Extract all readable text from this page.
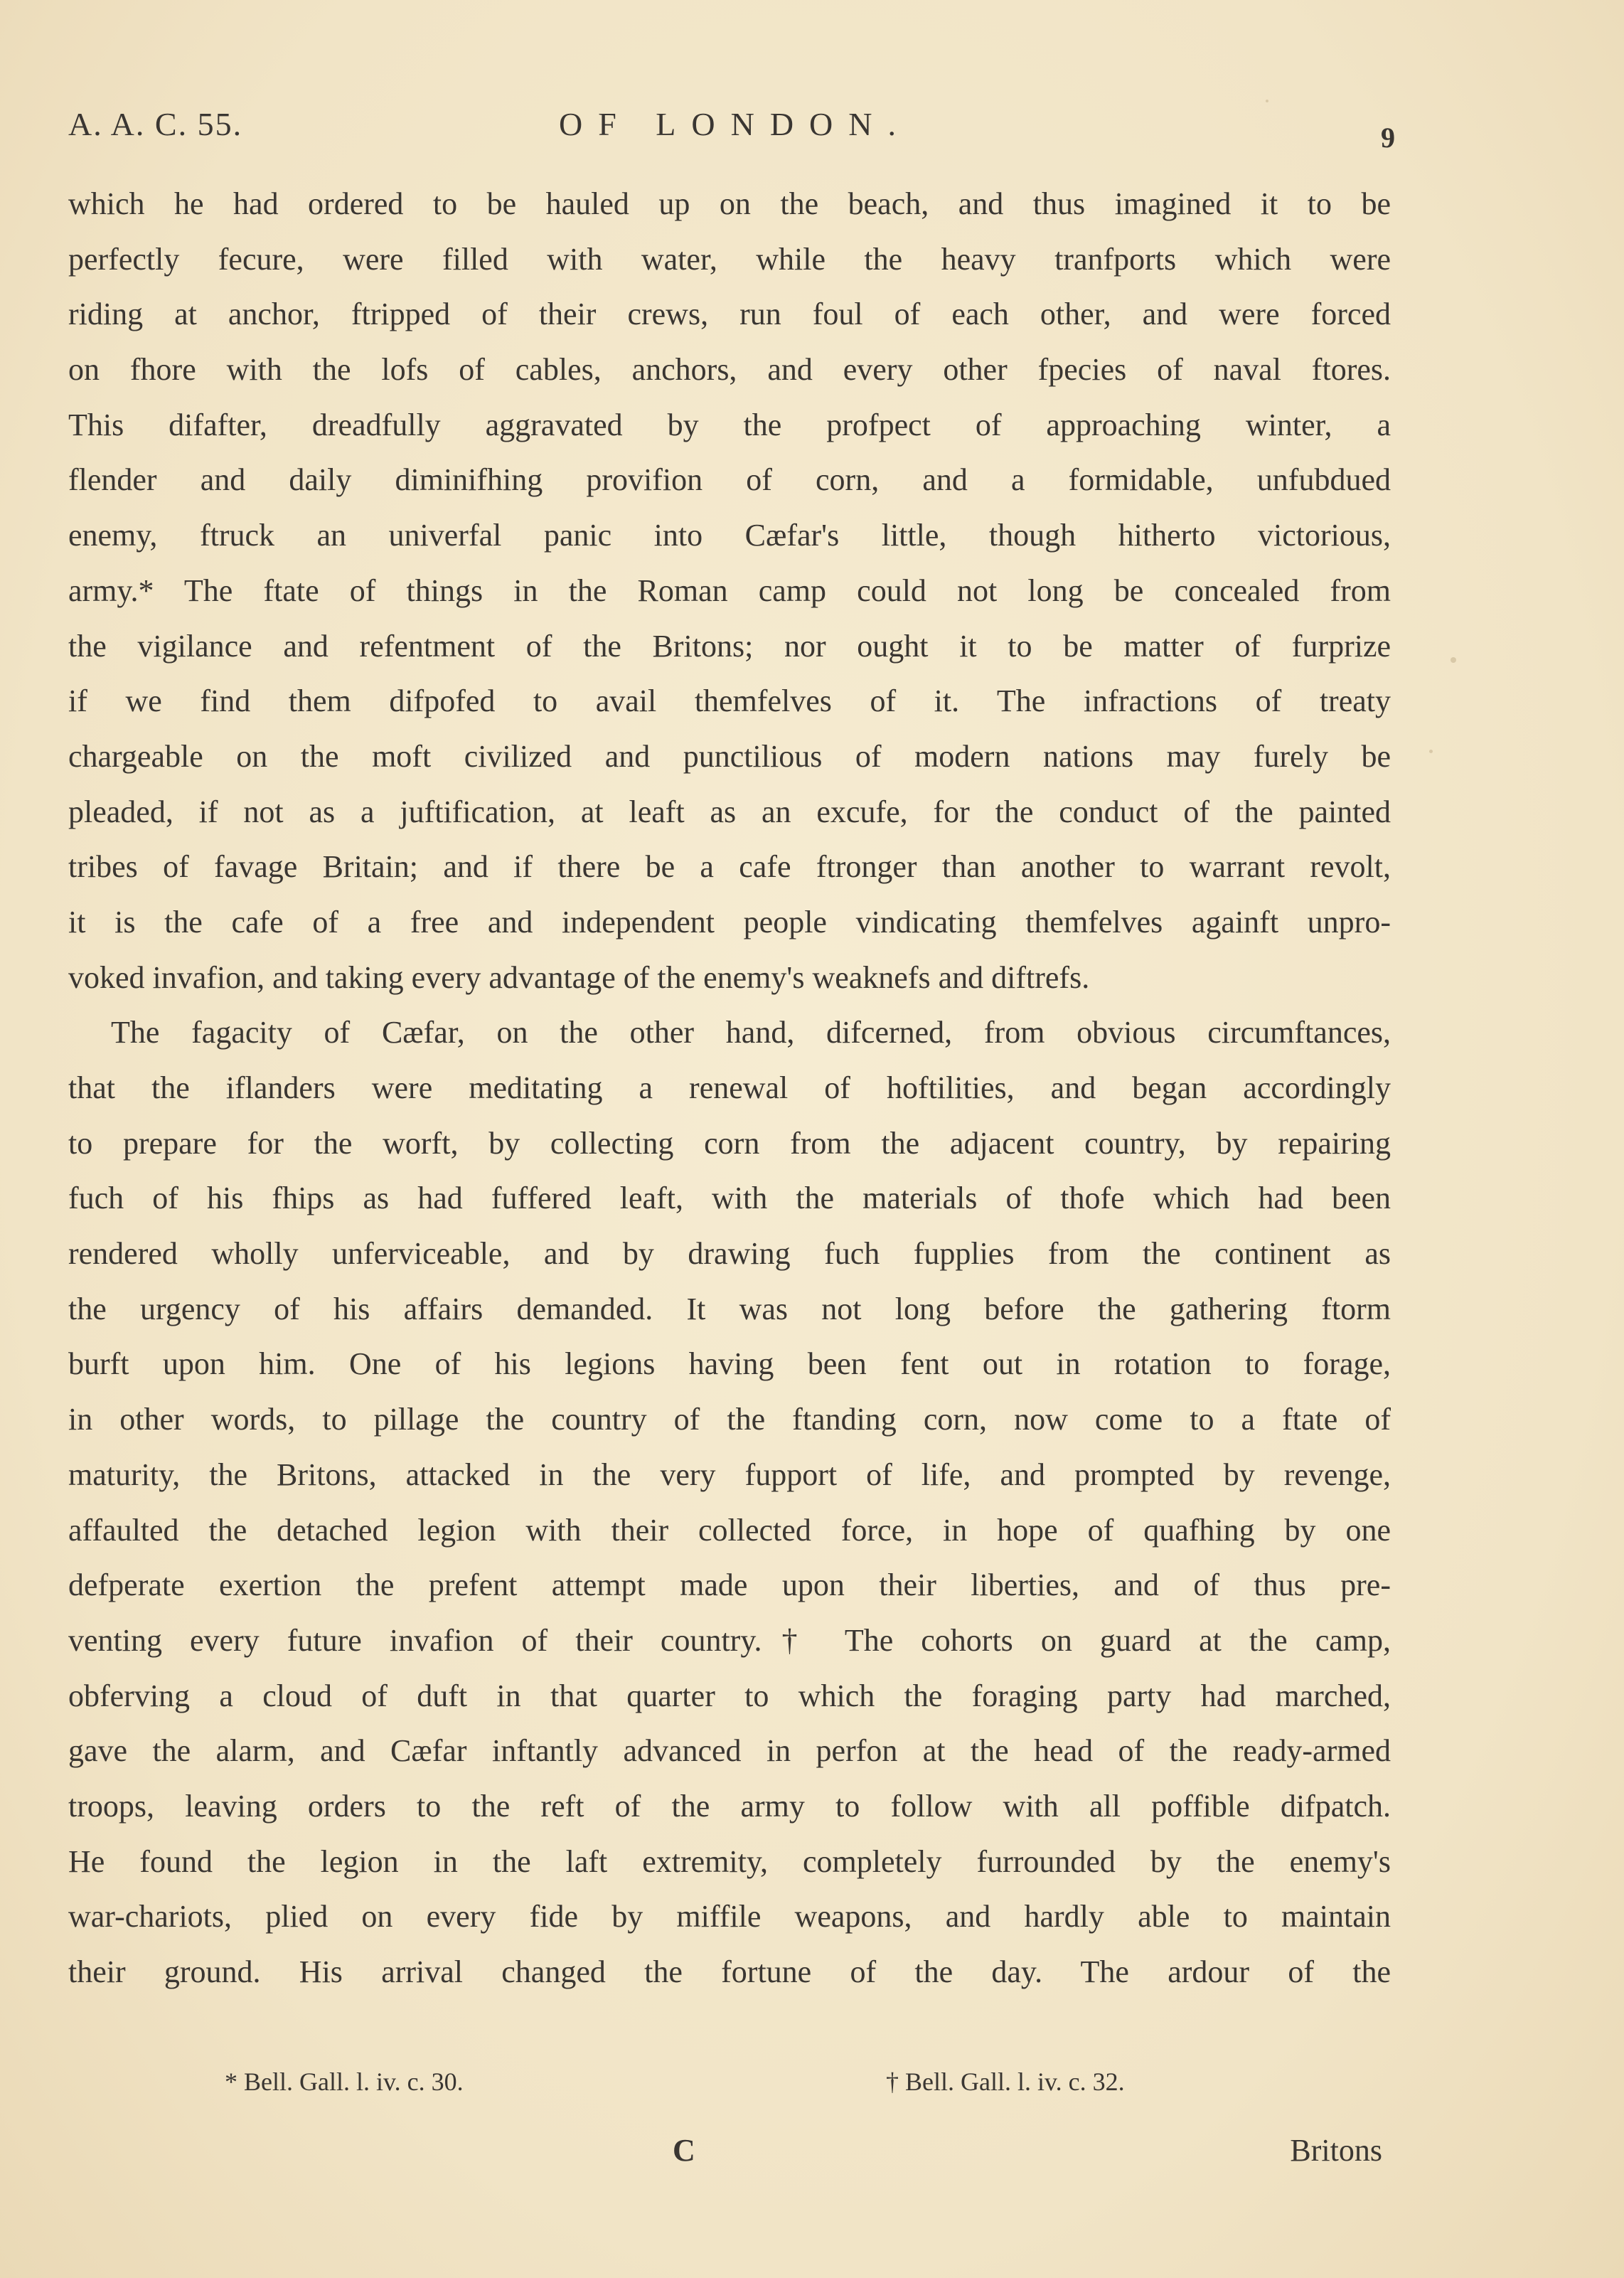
A. A. C. 55.	OF LONDON.	9
which he had ordered to be hauled up on the beach, and thus imagined it to be
perfectly fecure, were filled with water, while the heavy tranfports which were
riding at anchor, ftripped of their crews, run foul of each other, and were forced
on fhore with the lofs of cables, anchors, and every other fpecies of naval ftores.
This difafter, dreadfully aggravated by the profpect of approaching winter, a
flender and daily diminifhing provifion of corn, and a formidable, unfubdued
enemy, ftruck an univerfal panic into Cæfar's little, though hitherto victorious,
army.* The ftate of things in the Roman camp could not long be concealed from
the vigilance and refentment of the Britons; nor ought it to be matter of furprize
if we find them difpofed to avail themfelves of it. The infractions of treaty
chargeable on the moft civilized and punctilious of modern nations may furely be
pleaded, if not as a juftification, at leaft as an excufe, for the conduct of the painted
tribes of favage Britain; and if there be a cafe ftronger than another to warrant revolt,
it is the cafe of a free and independent people vindicating themfelves againft unpro-
voked invafion, and taking every advantage of the enemy's weaknefs and diftrefs.
The fagacity of Cæfar, on the other hand, difcerned, from obvious circumftances,
that the iflanders were meditating a renewal of hoftilities, and began accordingly
to prepare for the worft, by collecting corn from the adjacent country, by repairing
fuch of his fhips as had fuffered leaft, with the materials of thofe which had been
rendered wholly unferviceable, and by drawing fuch fupplies from the continent as
the urgency of his affairs demanded. It was not long before the gathering ftorm
burft upon him. One of his legions having been fent out in rotation to forage,
in other words, to pillage the country of the ftanding corn, now come to a ftate of
maturity, the Britons, attacked in the very fupport of life, and prompted by revenge,
affaulted the detached legion with their collected force, in hope of quafhing by one
defperate exertion the prefent attempt made upon their liberties, and of thus pre-
venting every future invafion of their country.† The cohorts on guard at the camp,
obferving a cloud of duft in that quarter to which the foraging party had marched,
gave the alarm, and Cæfar inftantly advanced in perfon at the head of the ready-armed
troops, leaving orders to the reft of the army to follow with all poffible difpatch.
He found the legion in the laft extremity, completely furrounded by the enemy's
war-chariots, plied on every fide by miffile weapons, and hardly able to maintain
their ground. His arrival changed the fortune of the day. The ardour of the
* Bell. Gall. l. iv. c. 30.	† Bell. Gall. l. iv. c. 32.
C	Britons
